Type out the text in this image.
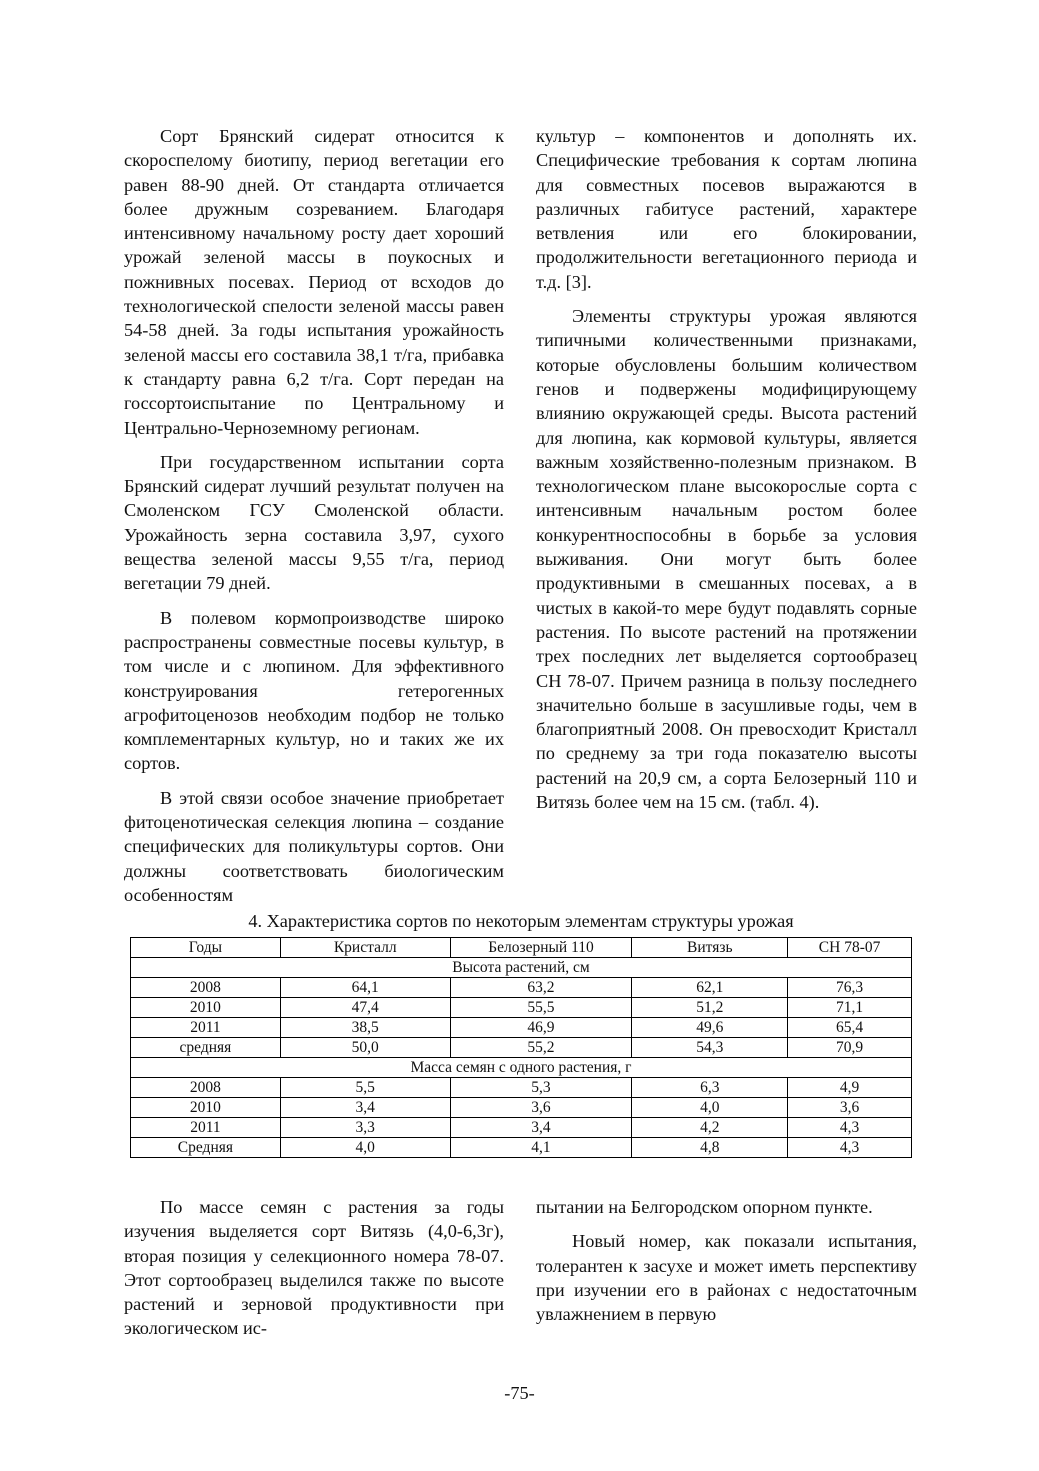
Сорт Брянский сидерат относится к скороспелому биотипу, период вегетации его равен 88-90 дней. От стандарта отличается более дружным созреванием. Благодаря интенсивному начальному росту дает хороший урожай зеленой массы в поукосных и пожнивных посевах. Период от всходов до технологической спелости зеленой массы равен 54-58 дней. За годы испытания урожайность зеленой массы его составила 38,1 т/га, прибавка к стандарту равна 6,2 т/га. Сорт передан на госсортоиспытание по Центральному и Центрально-Черноземному регионам.

При государственном испытании сорта Брянский сидерат лучший результат получен на Смоленском ГСУ Смоленской области. Урожайность зерна составила 3,97, сухого вещества зеленой массы 9,55 т/га, период вегетации 79 дней.

В полевом кормопроизводстве широко распространены совместные посевы культур, в том числе и с люпином. Для эффективного конструирования гетерогенных агрофитоценозов необходим подбор не только комплементарных культур, но и таких же их сортов.

В этой связи особое значение приобретает фитоценотическая селекция люпина – создание специфических для поликультуры сортов. Они должны соответствовать биологическим особенностям

культур – компонентов и дополнять их. Специфические требования к сортам люпина для совместных посевов выражаются в различных габитусе растений, характере ветвления или его блокировании, продолжительности вегетационного периода и т.д. [3].

Элементы структуры урожая являются типичными количественными признаками, которые обусловлены большим количеством генов и подвержены модифицирующему влиянию окружающей среды. Высота растений для люпина, как кормовой культуры, является важным хозяйственно-полезным признаком. В технологическом плане высокорослые сорта с интенсивным начальным ростом более конкурентноспособны в борьбе за условия выживания. Они могут быть более продуктивными в смешанных посевах, а в чистых в какой-то мере будут подавлять сорные растения. По высоте растений на протяжении трех последних лет выделяется сортообразец СН 78-07. Причем разница в пользу последнего значительно больше в засушливые годы, чем в благоприятный 2008. Он превосходит Кристалл по среднему за три года показателю высоты растений на 20,9 см, а сорта Белозерный 110 и Витязь более чем на 15 см. (табл. 4).

4. Характеристика сортов по некоторым элементам структуры урожая
Годы	Кристалл	Белозерный 110	Витязь	СН 78-07
Высота растений, см				
2008	64,1	63,2	62,1	76,3
2010	47,4	55,5	51,2	71,1
2011	38,5	46,9	49,6	65,4
средняя	50,0	55,2	54,3	70,9
Масса семян с одного растения, г				
2008	5,5	5,3	6,3	4,9
2010	3,4	3,6	4,0	3,6
2011	3,3	3,4	4,2	4,3
Средняя	4,0	4,1	4,8	4,3

По массе семян с растения за годы изучения выделяется сорт Витязь (4,0-6,3г), вторая позиция у селекционного номера 78-07. Этот сортообразец выделился также по высоте растений и зерновой продуктивности при экологическом ис-

пытании на Белгородском опорном пункте.

Новый номер, как показали испытания, толерантен к засухе и может иметь перспективу при изучении его в районах с недостаточным увлажнением в первую

-75-
